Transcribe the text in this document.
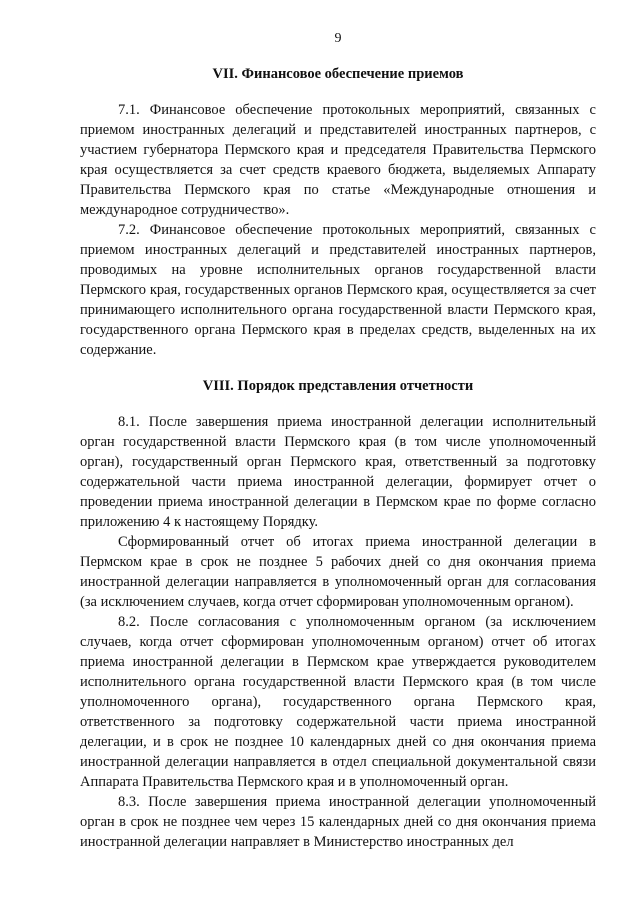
9
VII. Финансовое обеспечение приемов

7.1. Финансовое обеспечение протокольных мероприятий, связанных с приемом иностранных делегаций и представителей иностранных партнеров, с участием губернатора Пермского края и председателя Правительства Пермского края осуществляется за счет средств краевого бюджета, выделяемых Аппарату Правительства Пермского края по статье «Международные отношения и международное сотрудничество».

7.2. Финансовое обеспечение протокольных мероприятий, связанных с приемом иностранных делегаций и представителей иностранных партнеров, проводимых на уровне исполнительных органов государственной власти Пермского края, государственных органов Пермского края, осуществляется за счет принимающего исполнительного органа государственной власти Пермского края, государственного органа Пермского края в пределах средств, выделенных на их содержание.

VIII. Порядок представления отчетности

8.1. После завершения приема иностранной делегации исполнительный орган государственной власти Пермского края (в том числе уполномоченный орган), государственный орган Пермского края, ответственный за подготовку содержательной части приема иностранной делегации, формирует отчет о проведении приема иностранной делегации в Пермском крае по форме согласно приложению 4 к настоящему Порядку.

Сформированный отчет об итогах приема иностранной делегации в Пермском крае в срок не позднее 5 рабочих дней со дня окончания приема иностранной делегации направляется в уполномоченный орган для согласования (за исключением случаев, когда отчет сформирован уполномоченным органом).

8.2. После согласования с уполномоченным органом (за исключением случаев, когда отчет сформирован уполномоченным органом) отчет об итогах приема иностранной делегации в Пермском крае утверждается руководителем исполнительного органа государственной власти Пермского края (в том числе уполномоченного органа), государственного органа Пермского края, ответственного за подготовку содержательной части приема иностранной делегации, и в срок не позднее 10 календарных дней со дня окончания приема иностранной делегации направляется в отдел специальной документальной связи Аппарата Правительства Пермского края и в уполномоченный орган.

8.3. После завершения приема иностранной делегации уполномоченный орган в срок не позднее чем через 15 календарных дней со дня окончания приема иностранной делегации направляет в Министерство иностранных дел
